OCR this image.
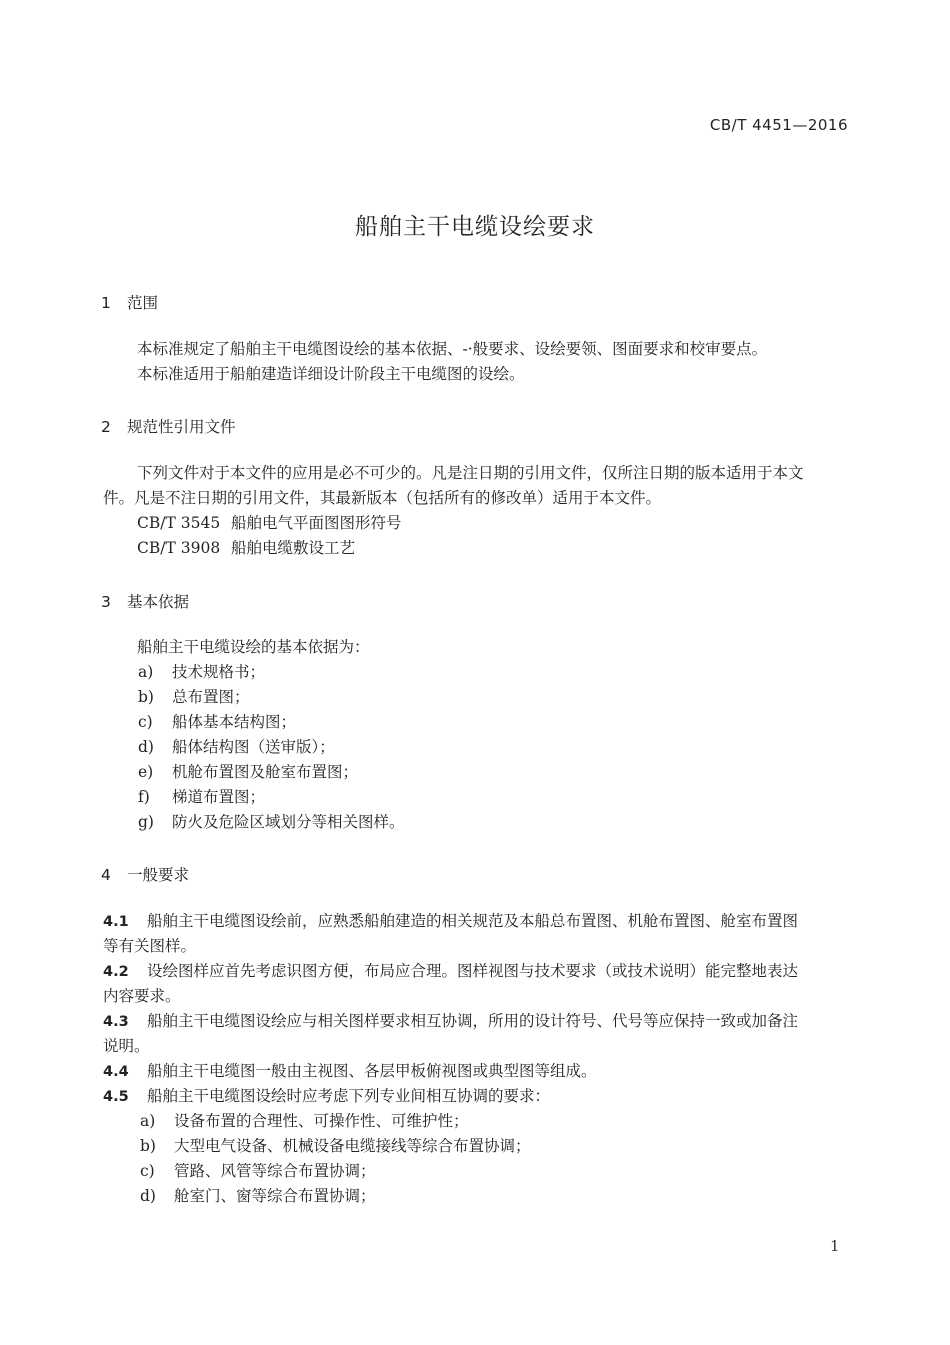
CB/T 4451—2016
船舶主干电缆设绘要求
1 范围
本标准规定了船舶主干电缆图设绘的基本依据、-·般要求、设绘要领、图面要求和校审要点。
本标准适用于船舶建造详细设计阶段主干电缆图的设绘。
2 规范性引用文件
下列文件对于本文件的应用是必不可少的。凡是注日期的引用文件，仅所注日期的版本适用于本文
件。凡是不注日期的引用文件，其最新版本（包括所有的修改单）适用于本文件。
CB/T 3545 船舶电气平面图图形符号
CB/T 3908 船舶电缆敷设工艺
3 基本依据
船舶主干电缆设绘的基本依据为：
a) 技术规格书；
b) 总布置图；
c) 船体基本结构图；
d) 船体结构图（送审版）；
e) 机舱布置图及舱室布置图；
f) 梯道布置图；
g) 防火及危险区域划分等相关图样。
4 一般要求
4.1 船舶主干电缆图设绘前，应熟悉船舶建造的相关规范及本船总布置图、机舱布置图、舱室布置图
等有关图样。
4.2 设绘图样应首先考虑识图方便，布局应合理。图样视图与技术要求（或技术说明）能完整地表达
内容要求。
4.3 船舶主干电缆图设绘应与相关图样要求相互协调，所用的设计符号、代号等应保持一致或加备注
说明。
4.4 船舶主干电缆图一般由主视图、各层甲板俯视图或典型图等组成。
4.5 船舶主干电缆图设绘时应考虑下列专业间相互协调的要求：
a) 设备布置的合理性、可操作性、可维护性；
b) 大型电气设备、机械设备电缆接线等综合布置协调；
c) 管路、风管等综合布置协调；
d) 舱室门、窗等综合布置协调；
1
